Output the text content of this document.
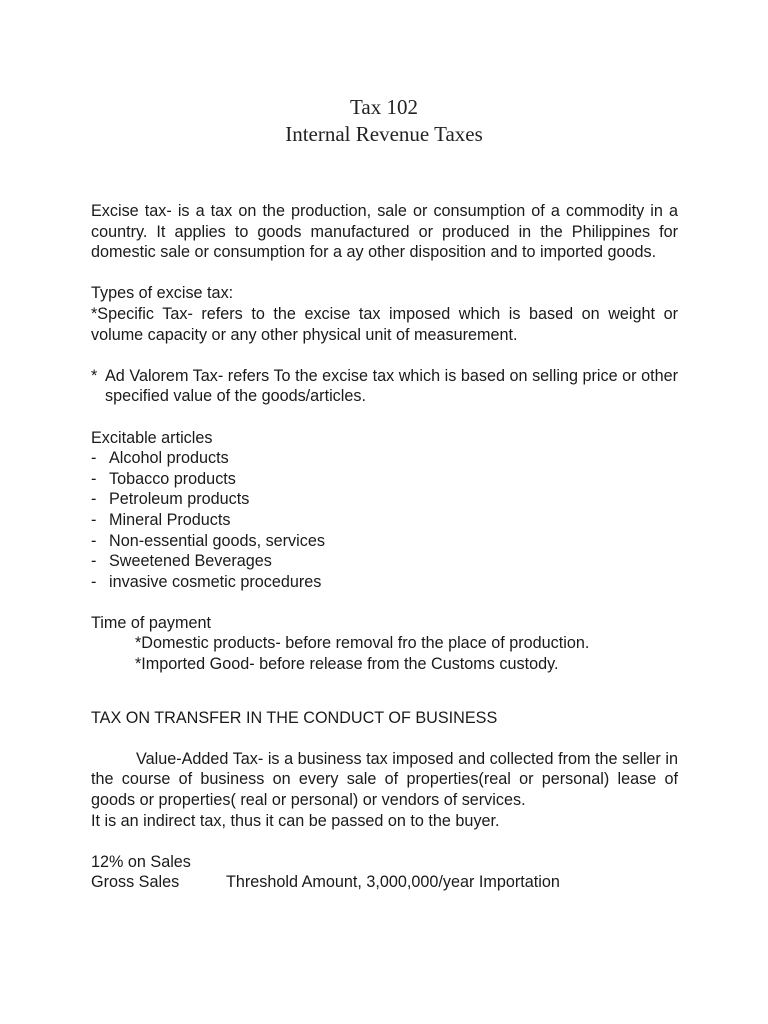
Tax 102
Internal Revenue Taxes

Excise tax- is a tax on the production, sale or consumption of a commodity in a country. It applies to goods manufactured or produced in the Philippines for domestic sale or consumption for a ay other disposition and to imported goods.

Types of excise tax:

*Specific Tax- refers to the excise tax imposed which is based on weight or volume capacity or any other physical unit of measurement.

* Ad Valorem Tax- refers To the excise tax which is based on selling price or other specified value of the goods/articles.

Excitable articles

- Alcohol products
- Tobacco products
- Petroleum products
- Mineral Products
- Non-essential goods, services
- Sweetened Beverages
- invasive cosmetic procedures

Time of payment

*Domestic products- before removal fro the place of production.

*Imported Good- before release from the Customs custody.

TAX ON TRANSFER IN THE CONDUCT OF BUSINESS

Value-Added Tax- is a business tax imposed and collected from the seller in the course of business on every sale of properties(real or personal) lease of goods or properties( real or personal) or vendors of services.

It is an indirect tax, thus it can be passed on to the buyer.

12% on Sales

Gross Sales	Threshold Amount, 3,000,000/year Importation
